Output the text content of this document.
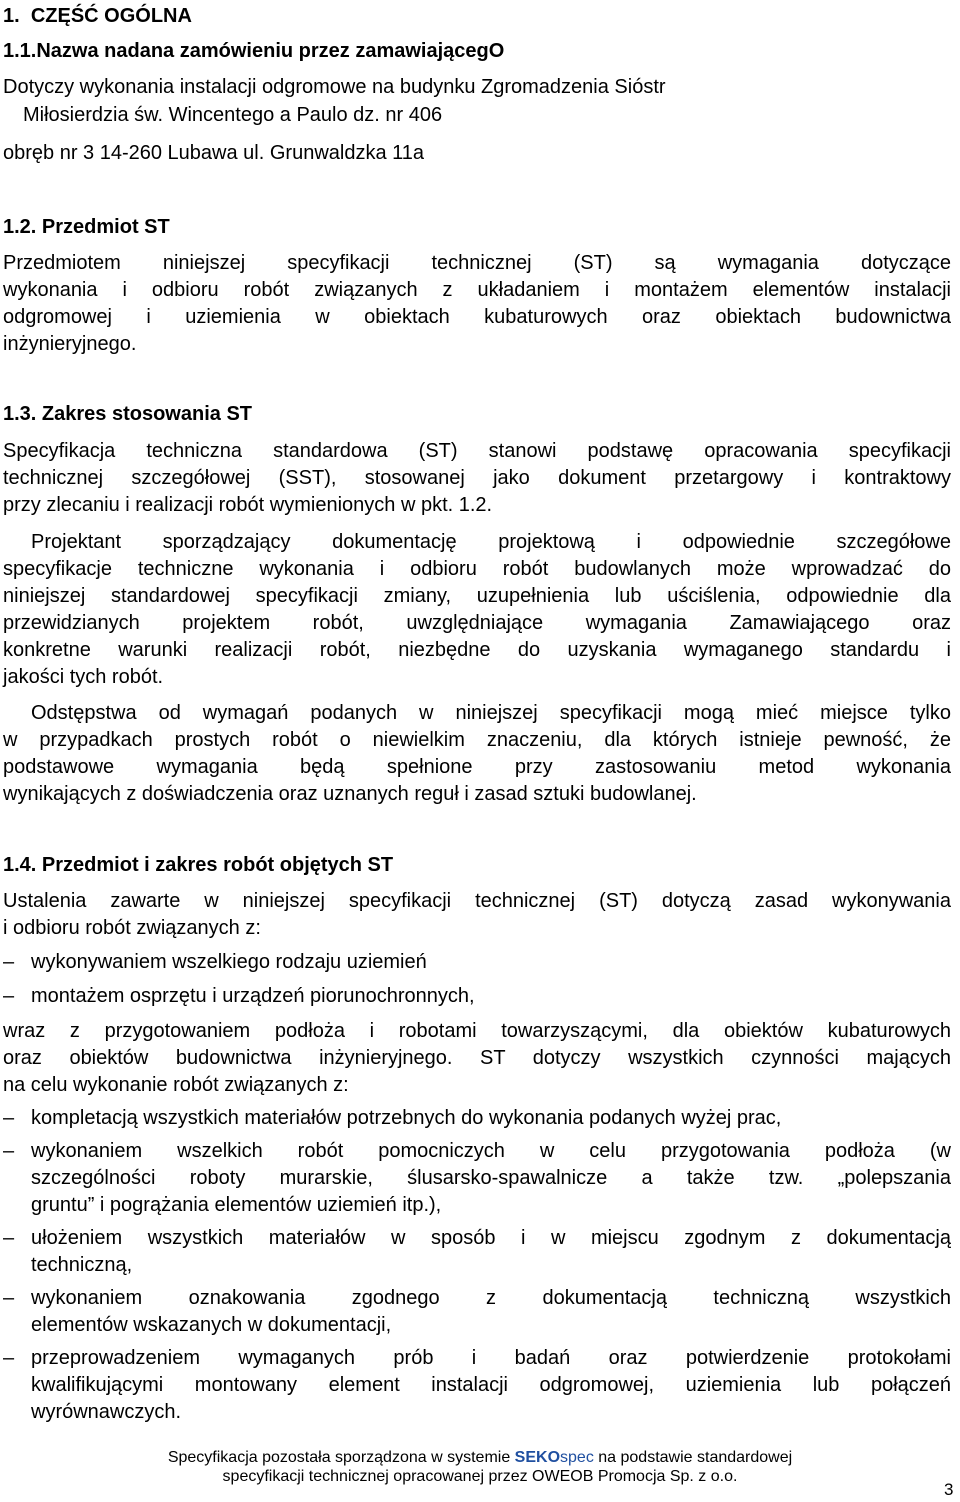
1. CZĘŚĆ OGÓLNA
1.1.Nazwa nadana zamówieniu przez zamawiającegO
Dotyczy wykonania instalacji odgromowe na budynku Zgromadzenia Sióstr
Miłosierdzia św. Wincentego a Paulo dz. nr 406
obręb nr 3 14-260 Lubawa ul. Grunwaldzka 11a
1.2. Przedmiot ST
Przedmiotem niniejszej specyfikacji technicznej (ST) są wymagania dotyczące
wykonania i odbioru robót związanych z układaniem i montażem elementów instalacji
odgromowej i uziemienia w obiektach kubaturowych oraz obiektach budownictwa
inżynieryjnego.
1.3. Zakres stosowania ST
Specyfikacja techniczna standardowa (ST) stanowi podstawę opracowania specyfikacji
technicznej szczegółowej (SST), stosowanej jako dokument przetargowy i kontraktowy
przy zlecaniu i realizacji robót wymienionych w pkt. 1.2.
Projektant sporządzający dokumentację projektową i odpowiednie szczegółowe
specyfikacje techniczne wykonania i odbioru robót budowlanych może wprowadzać do
niniejszej standardowej specyfikacji zmiany, uzupełnienia lub uściślenia, odpowiednie dla
przewidzianych projektem robót, uwzględniające wymagania Zamawiającego oraz
konkretne warunki realizacji robót, niezbędne do uzyskania wymaganego standardu i
jakości tych robót.
Odstępstwa od wymagań podanych w niniejszej specyfikacji mogą mieć miejsce tylko
w przypadkach prostych robót o niewielkim znaczeniu, dla których istnieje pewność, że
podstawowe wymagania będą spełnione przy zastosowaniu metod wykonania
wynikających z doświadczenia oraz uznanych reguł i zasad sztuki budowlanej.
1.4. Przedmiot i zakres robót objętych ST
Ustalenia zawarte w niniejszej specyfikacji technicznej (ST) dotyczą zasad wykonywania
i odbioru robót związanych z:
–
wykonywaniem wszelkiego rodzaju uziemień
– montażem osprzętu i urządzeń piorunochronnych,
wraz z przygotowaniem podłoża i robotami towarzyszącymi, dla obiektów kubaturowych
oraz obiektów budownictwa inżynieryjnego. ST dotyczy wszystkich czynności mających
na celu wykonanie robót związanych z:
– kompletacją wszystkich materiałów potrzebnych do wykonania podanych wyżej prac,
– wykonaniem wszelkich robót pomocniczych w celu przygotowania podłoża (w
szczególności roboty murarskie, ślusarsko-spawalnicze a także tzw. „polepszania
gruntu” i pogrążania elementów uziemień itp.),
– ułożeniem wszystkich materiałów w sposób i w miejscu zgodnym z dokumentacją
techniczną,
– wykonaniem oznakowania zgodnego z dokumentacją techniczną wszystkich
elementów wskazanych w dokumentacji,
– przeprowadzeniem wymaganych prób i badań oraz potwierdzenie protokołami
kwalifikującymi montowany element instalacji odgromowej, uziemienia lub połączeń
wyrównawczych.
Specyfikacja pozostała sporządzona w systemie SEKOspec na podstawie standardowej
specyfikacji technicznej opracowanej przez OWEOB Promocja Sp. z o.o.
3
